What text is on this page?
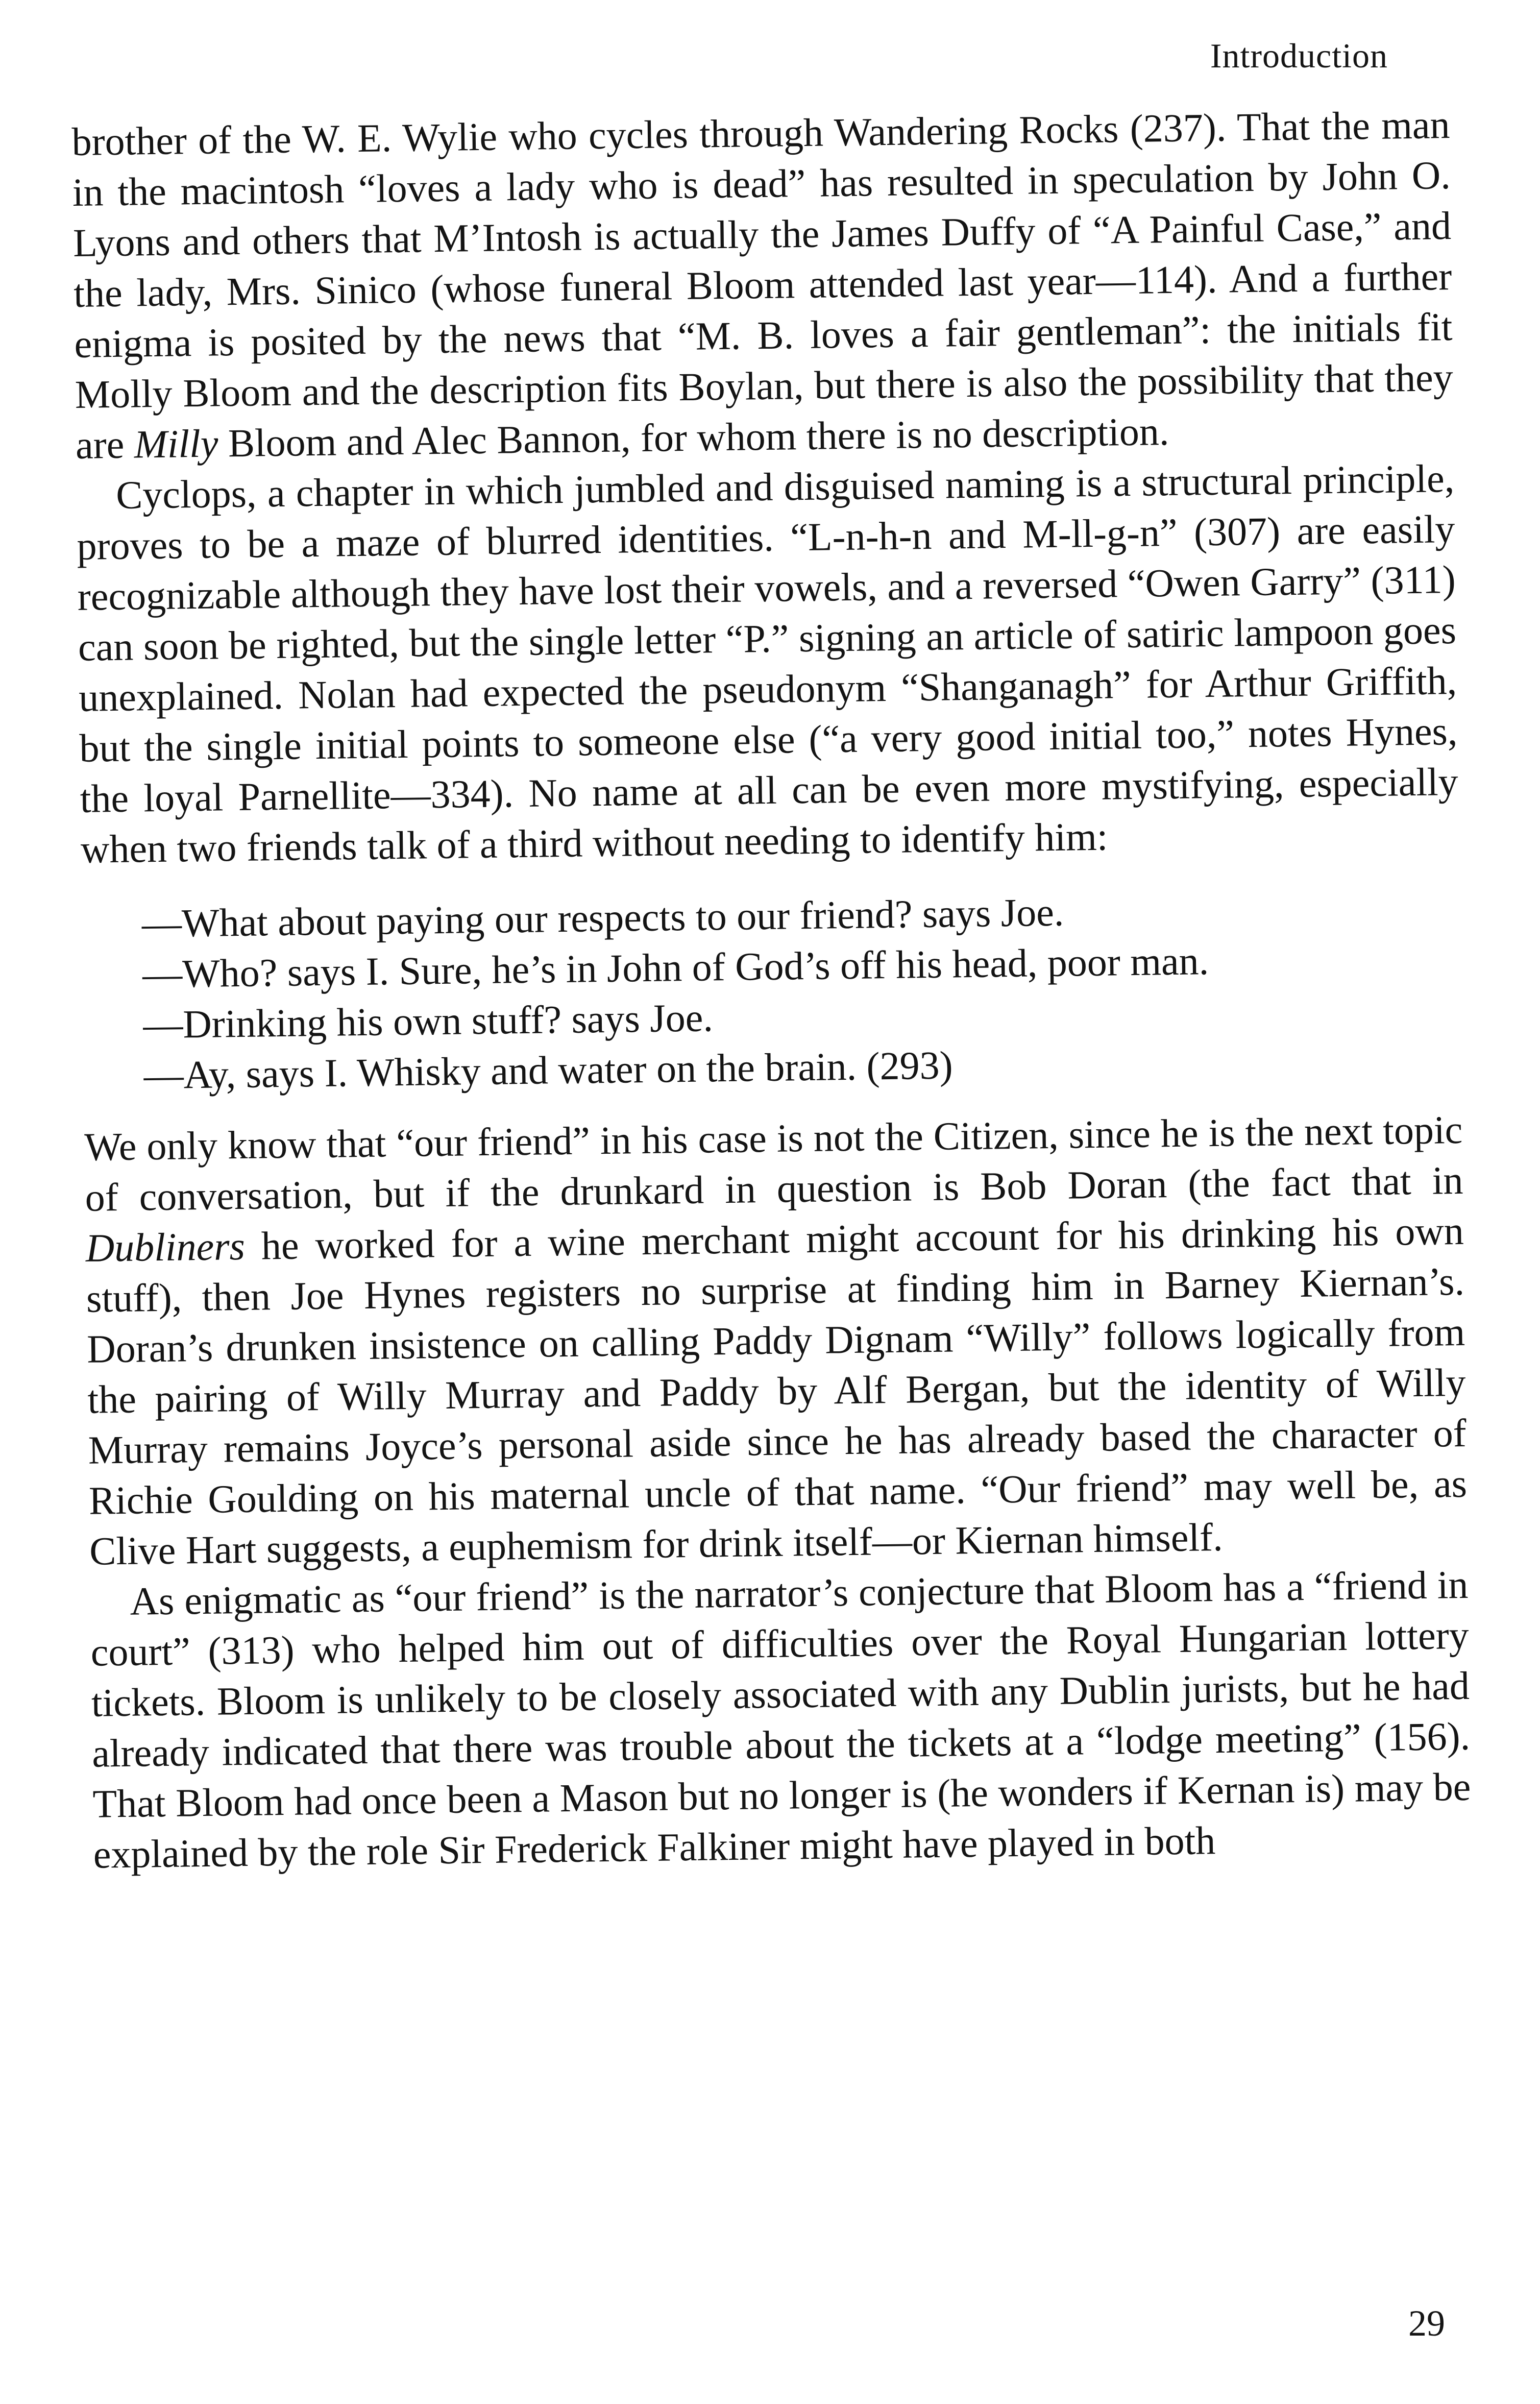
Introduction

brother of the W. E. Wylie who cycles through Wandering Rocks (237). That the man in the macintosh “loves a lady who is dead” has resulted in speculation by John O. Lyons and others that M’Intosh is actually the James Duffy of “A Painful Case,” and the lady, Mrs. Sinico (whose funeral Bloom attended last year—114). And a further enigma is posited by the news that “M. B. loves a fair gentleman”: the initials fit Molly Bloom and the description fits Boylan, but there is also the possibility that they are Milly Bloom and Alec Bannon, for whom there is no description.

Cyclops, a chapter in which jumbled and disguised naming is a structural principle, proves to be a maze of blurred identities. “L-n-h-n and M-ll-g-n” (307) are easily recognizable although they have lost their vowels, and a reversed “Owen Garry” (311) can soon be righted, but the single letter “P.” signing an article of satiric lampoon goes unexplained. Nolan had expected the pseudonym “Shanganagh” for Arthur Griffith, but the single initial points to someone else (“a very good initial too,” notes Hynes, the loyal Parnellite—334). No name at all can be even more mystifying, especially when two friends talk of a third without needing to identify him:

—What about paying our respects to our friend? says Joe.
—Who? says I. Sure, he’s in John of God’s off his head, poor man.
—Drinking his own stuff? says Joe.
—Ay, says I. Whisky and water on the brain. (293)

We only know that “our friend” in his case is not the Citizen, since he is the next topic of conversation, but if the drunkard in question is Bob Doran (the fact that in Dubliners he worked for a wine merchant might account for his drinking his own stuff), then Joe Hynes registers no surprise at finding him in Barney Kiernan’s. Doran’s drunken insistence on calling Paddy Dignam “Willy” follows logically from the pairing of Willy Murray and Paddy by Alf Bergan, but the identity of Willy Murray remains Joyce’s personal aside since he has already based the character of Richie Goulding on his maternal uncle of that name. “Our friend” may well be, as Clive Hart suggests, a euphemism for drink itself—or Kiernan himself.

As enigmatic as “our friend” is the narrator’s conjecture that Bloom has a “friend in court” (313) who helped him out of difficulties over the Royal Hungarian lottery tickets. Bloom is unlikely to be closely associated with any Dublin jurists, but he had already indicated that there was trouble about the tickets at a “lodge meeting” (156). That Bloom had once been a Mason but no longer is (he wonders if Kernan is) may be explained by the role Sir Frederick Falkiner might have played in both

29
